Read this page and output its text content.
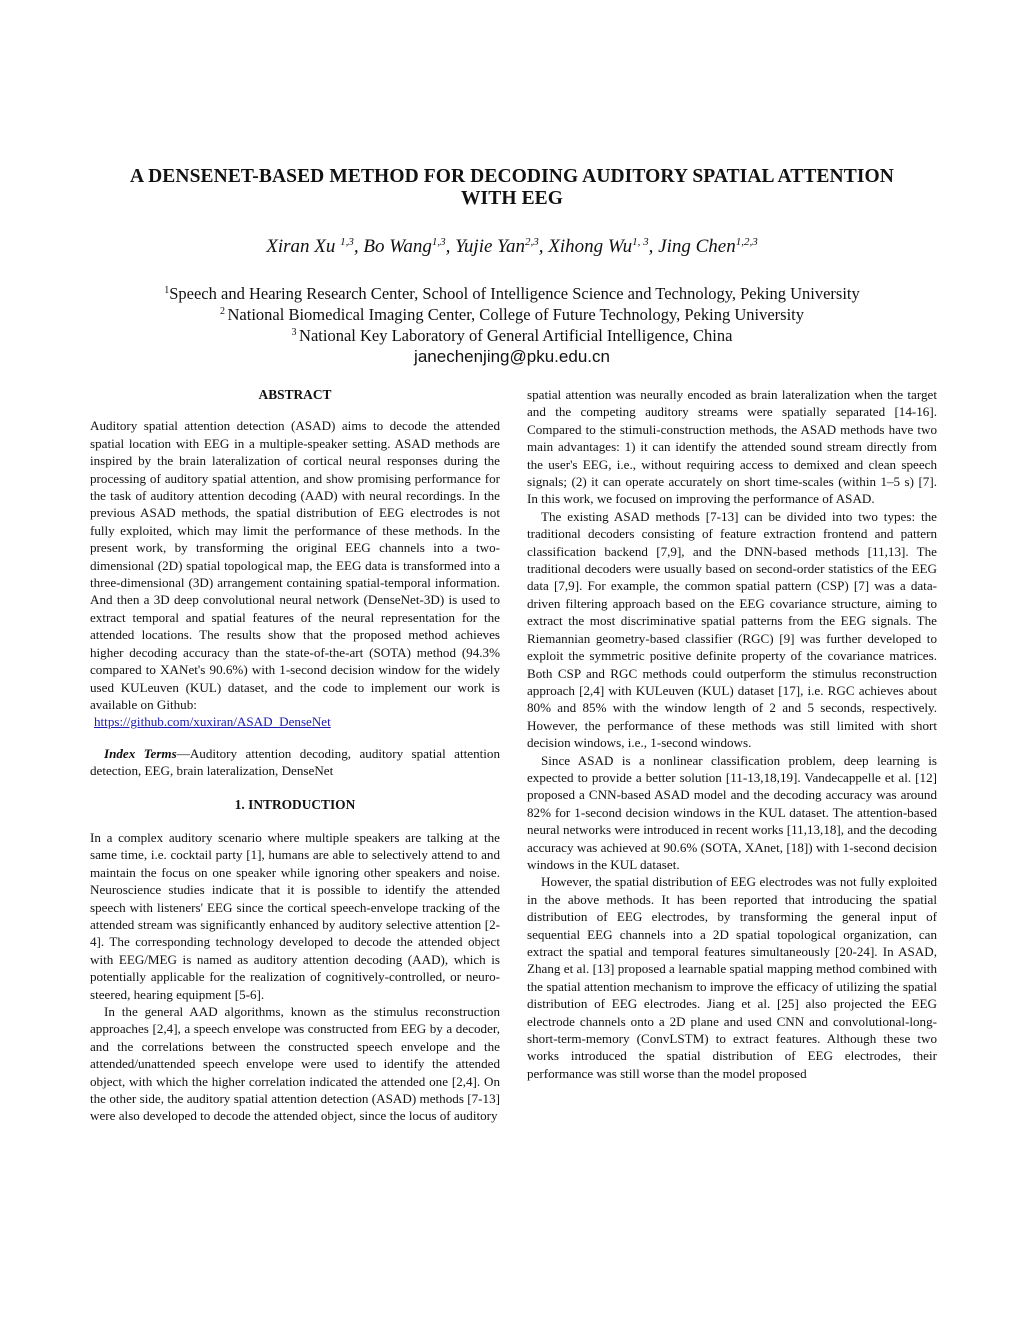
A DENSENET-BASED METHOD FOR DECODING AUDITORY SPATIAL ATTENTION
WITH EEG
Xiran Xu $^{1,3}$, Bo Wang$^{1,3}$, Yujie Yan$^{2,3}$, Xihong Wu$^{1, 3}$, Jing Chen$^{1,2,3}$
$^1$Speech and Hearing Research Center, School of Intelligence Science and Technology, Peking University
$^2$ National Biomedical Imaging Center, College of Future Technology, Peking University
$^3$ National Key Laboratory of General Artificial Intelligence, China
janechenjing@pku.edu.cn

ABSTRACT

Auditory spatial attention detection (ASAD) aims to decode the attended spatial location with EEG in a multiple-speaker setting. ASAD methods are inspired by the brain lateralization of cortical neural responses during the processing of auditory spatial attention, and show promising performance for the task of auditory attention decoding (AAD) with neural recordings. In the previous ASAD methods, the spatial distribution of EEG electrodes is not fully exploited, which may limit the performance of these methods. In the present work, by transforming the original EEG channels into a two-dimensional (2D) spatial topological map, the EEG data is transformed into a three-dimensional (3D) arrangement containing spatial-temporal information. And then a 3D deep convolutional neural network (DenseNet-3D) is used to extract temporal and spatial features of the neural representation for the attended locations. The results show that the proposed method achieves higher decoding accuracy than the state-of-the-art (SOTA) method (94.3% compared to XANet's 90.6%) with 1-second decision window for the widely used KULeuven (KUL) dataset, and the code to implement our work is available on Github:

https://github.com/xuxiran/ASAD_DenseNet

Index Terms—Auditory attention decoding, auditory spatial attention detection, EEG, brain lateralization, DenseNet

1. INTRODUCTION

In a complex auditory scenario where multiple speakers are talking at the same time, i.e. cocktail party [1], humans are able to selectively attend to and maintain the focus on one speaker while ignoring other speakers and noise. Neuroscience studies indicate that it is possible to identify the attended speech with listeners' EEG since the cortical speech-envelope tracking of the attended stream was significantly enhanced by auditory selective attention [2-4]. The corresponding technology developed to decode the attended object with EEG/MEG is named as auditory attention decoding (AAD), which is potentially applicable for the realization of cognitively-controlled, or neuro-steered, hearing equipment [5-6].

In the general AAD algorithms, known as the stimulus reconstruction approaches [2,4], a speech envelope was constructed from EEG by a decoder, and the correlations between the constructed speech envelope and the attended/unattended speech envelope were used to identify the attended object, with which the higher correlation indicated the attended one [2,4]. On the other side, the auditory spatial attention detection (ASAD) methods [7-13] were also developed to decode the attended object, since the locus of auditory

spatial attention was neurally encoded as brain lateralization when the target and the competing auditory streams were spatially separated [14-16]. Compared to the stimuli-construction methods, the ASAD methods have two main advantages: 1) it can identify the attended sound stream directly from the user's EEG, i.e., without requiring access to demixed and clean speech signals; (2) it can operate accurately on short time-scales (within 1–5 s) [7]. In this work, we focused on improving the performance of ASAD.

The existing ASAD methods [7-13] can be divided into two types: the traditional decoders consisting of feature extraction frontend and pattern classification backend [7,9], and the DNN-based methods [11,13]. The traditional decoders were usually based on second-order statistics of the EEG data [7,9]. For example, the common spatial pattern (CSP) [7] was a data-driven filtering approach based on the EEG covariance structure, aiming to extract the most discriminative spatial patterns from the EEG signals. The Riemannian geometry-based classifier (RGC) [9] was further developed to exploit the symmetric positive definite property of the covariance matrices. Both CSP and RGC methods could outperform the stimulus reconstruction approach [2,4] with KULeuven (KUL) dataset [17], i.e. RGC achieves about 80% and 85% with the window length of 2 and 5 seconds, respectively. However, the performance of these methods was still limited with short decision windows, i.e., 1-second windows.

Since ASAD is a nonlinear classification problem, deep learning is expected to provide a better solution [11-13,18,19]. Vandecappelle et al. [12] proposed a CNN-based ASAD model and the decoding accuracy was around 82% for 1-second decision windows in the KUL dataset. The attention-based neural networks were introduced in recent works [11,13,18], and the decoding accuracy was achieved at 90.6% (SOTA, XAnet, [18]) with 1-second decision windows in the KUL dataset.

However, the spatial distribution of EEG electrodes was not fully exploited in the above methods. It has been reported that introducing the spatial distribution of EEG electrodes, by transforming the general input of sequential EEG channels into a 2D spatial topological organization, can extract the spatial and temporal features simultaneously [20-24]. In ASAD, Zhang et al. [13] proposed a learnable spatial mapping method combined with the spatial attention mechanism to improve the efficacy of utilizing the spatial distribution of EEG electrodes. Jiang et al. [25] also projected the EEG electrode channels onto a 2D plane and used CNN and convolutional-long-short-term-memory (ConvLSTM) to extract features. Although these two works introduced the spatial distribution of EEG electrodes, their performance was still worse than the model proposed
